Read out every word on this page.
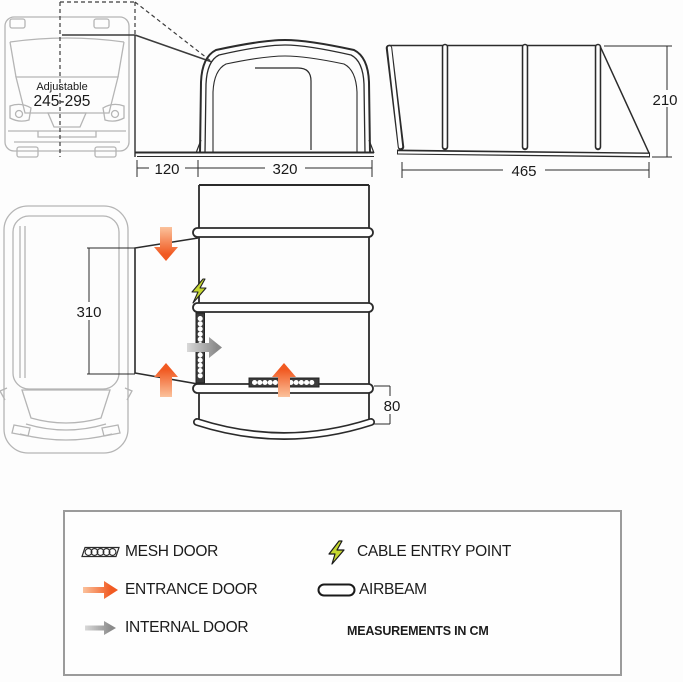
Adjustable
245-295
120	320	465
210
310
80
MESH DOOR
ENTRANCE DOOR
INTERNAL DOOR
CABLE ENTRY POINT
AIRBEAM
MEASUREMENTS IN CM
